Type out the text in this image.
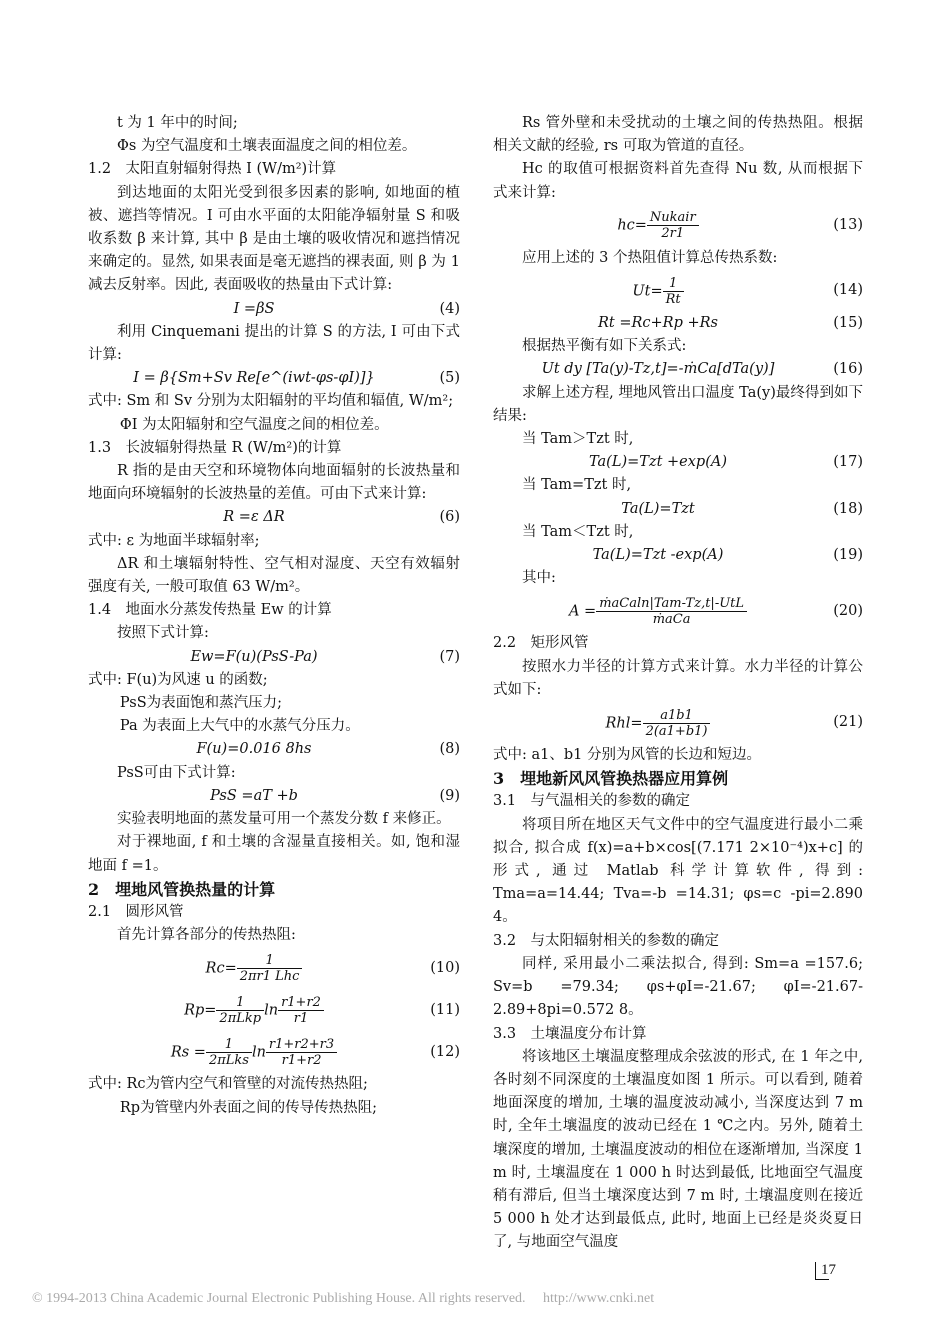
t 为 1 年中的时间;

Φs 为空气温度和土壤表面温度之间的相位差。

1.2　太阳直射辐射得热 I (W/m²)计算

到达地面的太阳光受到很多因素的影响, 如地面的植被、遮挡等情况。I 可由水平面的太阳能净辐射量 S 和吸收系数 β 来计算, 其中 β 是由土壤的吸收情况和遮挡情况来确定的。显然, 如果表面是毫无遮挡的裸表面, 则 β 为 1 减去反射率。因此, 表面吸收的热量由下式计算:

I =βS	(4)

利用 Cinquemani 提出的计算 S 的方法, I 可由下式计算:

I = β{Sm+Sv Re[e^(iwt-φs-φI)]}	(5)

式中: Sm 和 Sv 分别为太阳辐射的平均值和辐值, W/m²;

ΦI 为太阳辐射和空气温度之间的相位差。

1.3　长波辐射得热量 R (W/m²)的计算

R 指的是由天空和环境物体向地面辐射的长波热量和地面向环境辐射的长波热量的差值。可由下式来计算:

R =ε ΔR	(6)

式中: ε 为地面半球辐射率;

ΔR 和土壤辐射特性、空气相对湿度、天空有效辐射强度有关, 一般可取值 63 W/m²。

1.4　地面水分蒸发传热量 Ew 的计算

按照下式计算:

Ew=F(u)(PsS-Pa)	(7)

式中: F(u)为风速 u 的函数;

PsS为表面饱和蒸汽压力;

Pa 为表面上大气中的水蒸气分压力。

F(u)=0.016 8hs	(8)

PsS可由下式计算:

PsS =aT +b	(9)

实验表明地面的蒸发量可用一个蒸发分数 f 来修正。

对于裸地面, f 和土壤的含湿量直接相关。如, 饱和湿地面 f =1。

2　埋地风管换热量的计算

2.1　圆形风管

首先计算各部分的传热热阻:

$Rc= \frac{1}{\text{2πr1 Lhc}}$	(10)
$Rp= \frac{1}{\text{2πLkp}}$ $\ln \frac{r1+r2}{r1}$	(11)
$Rs = \frac{1}{\text{2πLks}}$ $\ln \frac{r1+r2+r3}{r1+r2}$	(12)

式中: Rc为管内空气和管壁的对流传热热阻;

Rp为管壁内外表面之间的传导传热热阻;

Rs 管外壁和未受扰动的土壤之间的传热热阻。根据相关文献的经验, rs 可取为管道的直径。

Hc 的取值可根据资料首先查得 Nu 数, 从而根据下式来计算:

$hc= \frac{\text{Nukair}}{2r1}$	(13)

应用上述的 3 个热阻值计算总传热系数:

$Ut= \frac{1}{Rt}$	(14)
Rt =Rc+Rp +Rs	(15)

根据热平衡有如下关系式:

Ut dy [Ta(y)-Tz,t]=-ṁCa[dTa(y)]	(16)

求解上述方程, 埋地风管出口温度 Ta(y)最终得到如下结果:

当 Tam＞Tzt 时,

Ta(L)=Tzt +exp(A)	(17)

当 Tam=Tzt 时,

Ta(L)=Tzt	(18)

当 Tam＜Tzt 时,

Ta(L)=Tzt -exp(A)	(19)

其中:

$A = \frac{\text{ṁaCaln|Tam-Tz,t|-UtL}}{\text{ṁaCa}}$	(20)

2.2　矩形风管

按照水力半径的计算方式来计算。水力半径的计算公式如下:

$Rhl= \frac{a1b1}{2(a1+b1)}$	(21)

式中: a1、b1 分别为风管的长边和短边。

3　埋地新风风管换热器应用算例

3.1　与气温相关的参数的确定

将项目所在地区天气文件中的空气温度进行最小二乘拟合, 拟合成 f(x)=a+b×cos[(7.171 2×10⁻⁴)x+c] 的形式, 通过 Matlab 科学计算软件, 得到: Tma=a=14.44; Tva=-b =14.31; φs=c -pi=2.890 4。

3.2　与太阳辐射相关的参数的确定

同样, 采用最小二乘法拟合, 得到: Sm=a =157.6; Sv=b =79.34; φs+φI=-21.67; φI=-21.67-2.89+8pi=0.572 8。

3.3　土壤温度分布计算

将该地区土壤温度整理成余弦波的形式, 在 1 年之中, 各时刻不同深度的土壤温度如图 1 所示。可以看到, 随着地面深度的增加, 土壤的温度波动减小, 当深度达到 7 m 时, 全年土壤温度的波动已经在 1 ℃之内。另外, 随着土壤深度的增加, 土壤温度波动的相位在逐渐增加, 当深度 1 m 时, 土壤温度在 1 000 h 时达到最低, 比地面空气温度稍有滞后, 但当土壤深度达到 7 m 时, 土壤温度则在接近 5 000 h 处才达到最低点, 此时, 地面上已经是炎炎夏日了, 与地面空气温度

17
© 1994-2013 China Academic Journal Electronic Publishing House. All rights reserved.　 http://www.cnki.net
